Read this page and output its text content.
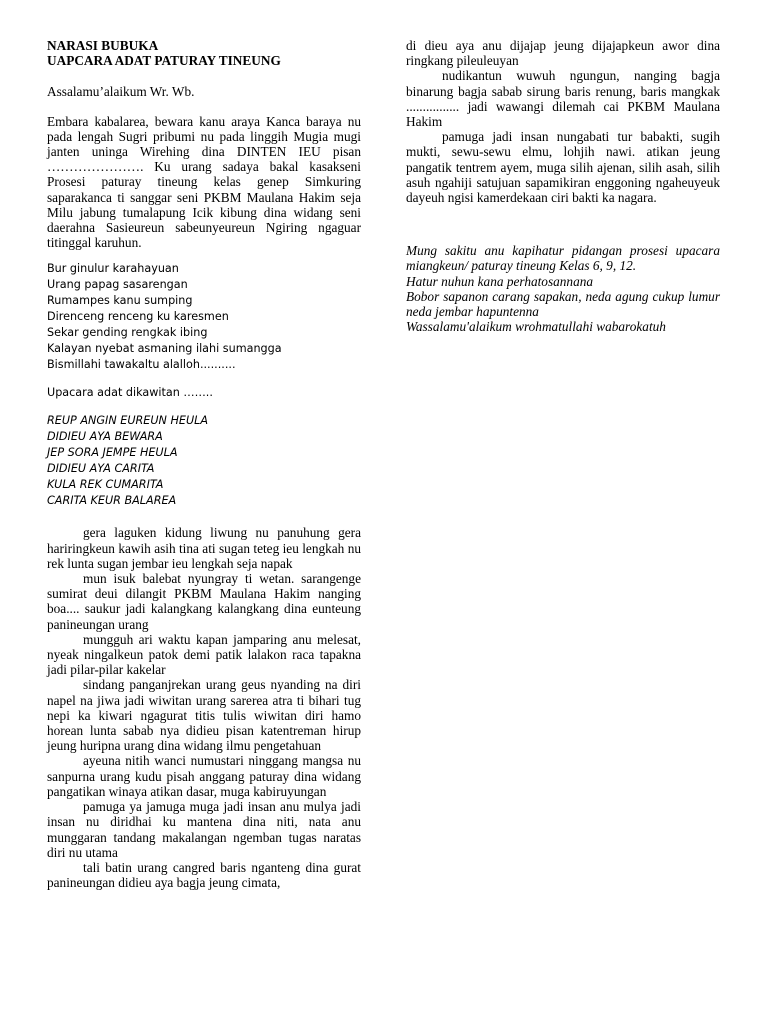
NARASI BUBUKA

UAPCARA ADAT PATURAY TINEUNG

Assalamu’alaikum Wr. Wb.

Embara kabalarea, bewara kanu araya Kanca baraya nu pada lengah Sugri pribumi nu pada linggih Mugia mugi janten uninga Wirehing dina DINTEN IEU pisan …………………. Ku urang sadaya bakal kasakseni Prosesi paturay tineung kelas genep Simkuring saparakanca ti sanggar seni PKBM Maulana Hakim seja Milu jabung tumalapung Icik kibung dina widang seni daerahna Sasieureun sabeunyeureun Ngiring ngaguar titinggal karuhun.

Bur ginulur karahayuan

Urang papag sasarengan

Rumampes kanu sumping

Direnceng renceng ku karesmen

Sekar gending rengkak ibing

Kalayan nyebat asmaning ilahi sumangga

Bismillahi tawakaltu alalloh..........

Upacara adat dikawitan ……..

REUP ANGIN EUREUN HEULA

DIDIEU AYA BEWARA

JEP SORA JEMPE HEULA

DIDIEU AYA CARITA

KULA REK CUMARITA

CARITA KEUR BALAREA

gera laguken kidung liwung nu panuhung gera hariringkeun kawih asih tina ati sugan teteg ieu lengkah nu rek lunta sugan jembar ieu lengkah seja napak

mun isuk balebat nyungray ti wetan. sarangenge sumirat deui dilangit PKBM Maulana Hakim nanging boa.... saukur jadi kalangkang kalangkang dina eunteung panineungan urang

mungguh ari waktu kapan jamparing anu melesat, nyeak ningalkeun patok demi patik lalakon raca tapakna jadi pilar-pilar kakelar

sindang panganjrekan urang geus nyanding na diri napel na jiwa jadi wiwitan urang sarerea atra ti bihari tug nepi ka kiwari ngagurat titis tulis wiwitan diri hamo horean lunta sabab nya didieu pisan katentreman hirup jeung huripna urang dina widang ilmu pengetahuan

ayeuna nitih wanci numustari ninggang mangsa nu sanpurna urang kudu pisah anggang paturay dina widang pangatikan winaya atikan dasar, muga kabiruyungan

pamuga ya jamuga muga jadi insan anu mulya jadi insan nu diridhai ku mantena dina niti, nata anu munggaran tandang makalangan ngemban tugas naratas diri nu utama

tali batin urang cangred baris nganteng dina gurat panineungan didieu aya bagja jeung cimata,

di dieu aya anu dijajap jeung dijajapkeun awor dina ringkang pileuleuyan

nudikantun wuwuh ngungun, nanging bagja binarung bagja sabab sirung baris renung, baris mangkak ................ jadi wawangi dilemah cai PKBM Maulana Hakim

pamuga jadi insan nungabati tur babakti, sugih mukti, sewu-sewu elmu, lohjih nawi. atikan jeung pangatik tentrem ayem, muga silih ajenan, silih asah, silih asuh ngahiji satujuan sapamikiran enggoning ngaheuyeuk dayeuh ngisi kamerdekaan ciri bakti ka nagara.

Mung sakitu anu kapihatur pidangan prosesi upacara miangkeun/ paturay tineung Kelas 6, 9, 12.

Hatur nuhun kana perhatosannana

Bobor sapanon carang sapakan, neda agung cukup lumur neda jembar hapuntenna

Wassalamu'alaikum wrohmatullahi wabarokatuh
